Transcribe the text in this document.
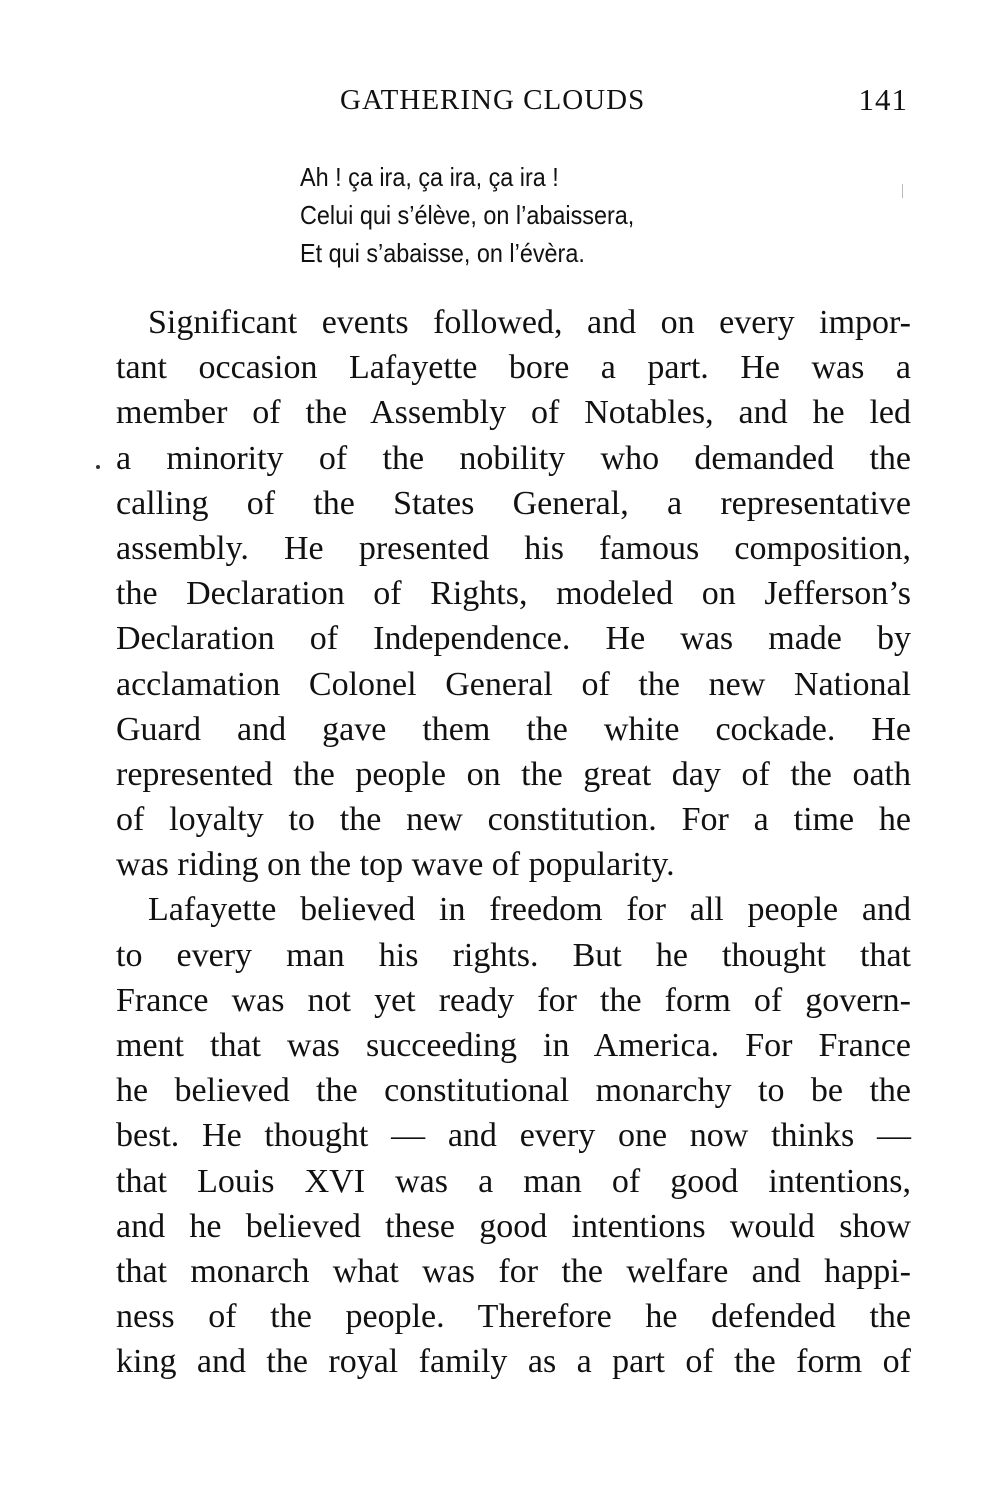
GATHERING CLOUDS	141
Ah ! ça ira, ça ira, ça ira !
Celui qui s’élève, on l’abaissera,
Et qui s’abaisse, on l’évèra.
Significant events followed, and on every impor-
tant occasion Lafayette bore a part. He was a
member of the Assembly of Notables, and he led
a minority of the nobility who demanded the
calling of the States General, a representative
assembly. He presented his famous composition,
the Declaration of Rights, modeled on Jefferson’s
Declaration of Independence. He was made by
acclamation Colonel General of the new National
Guard and gave them the white cockade. He
represented the people on the great day of the oath
of loyalty to the new constitution. For a time he
was riding on the top wave of popularity.
Lafayette believed in freedom for all people and
to every man his rights. But he thought that
France was not yet ready for the form of govern-
ment that was succeeding in America. For France
he believed the constitutional monarchy to be the
best. He thought — and every one now thinks —
that Louis XVI was a man of good intentions,
and he believed these good intentions would show
that monarch what was for the welfare and happi-
ness of the people. Therefore he defended the
king and the royal family as a part of the form of
